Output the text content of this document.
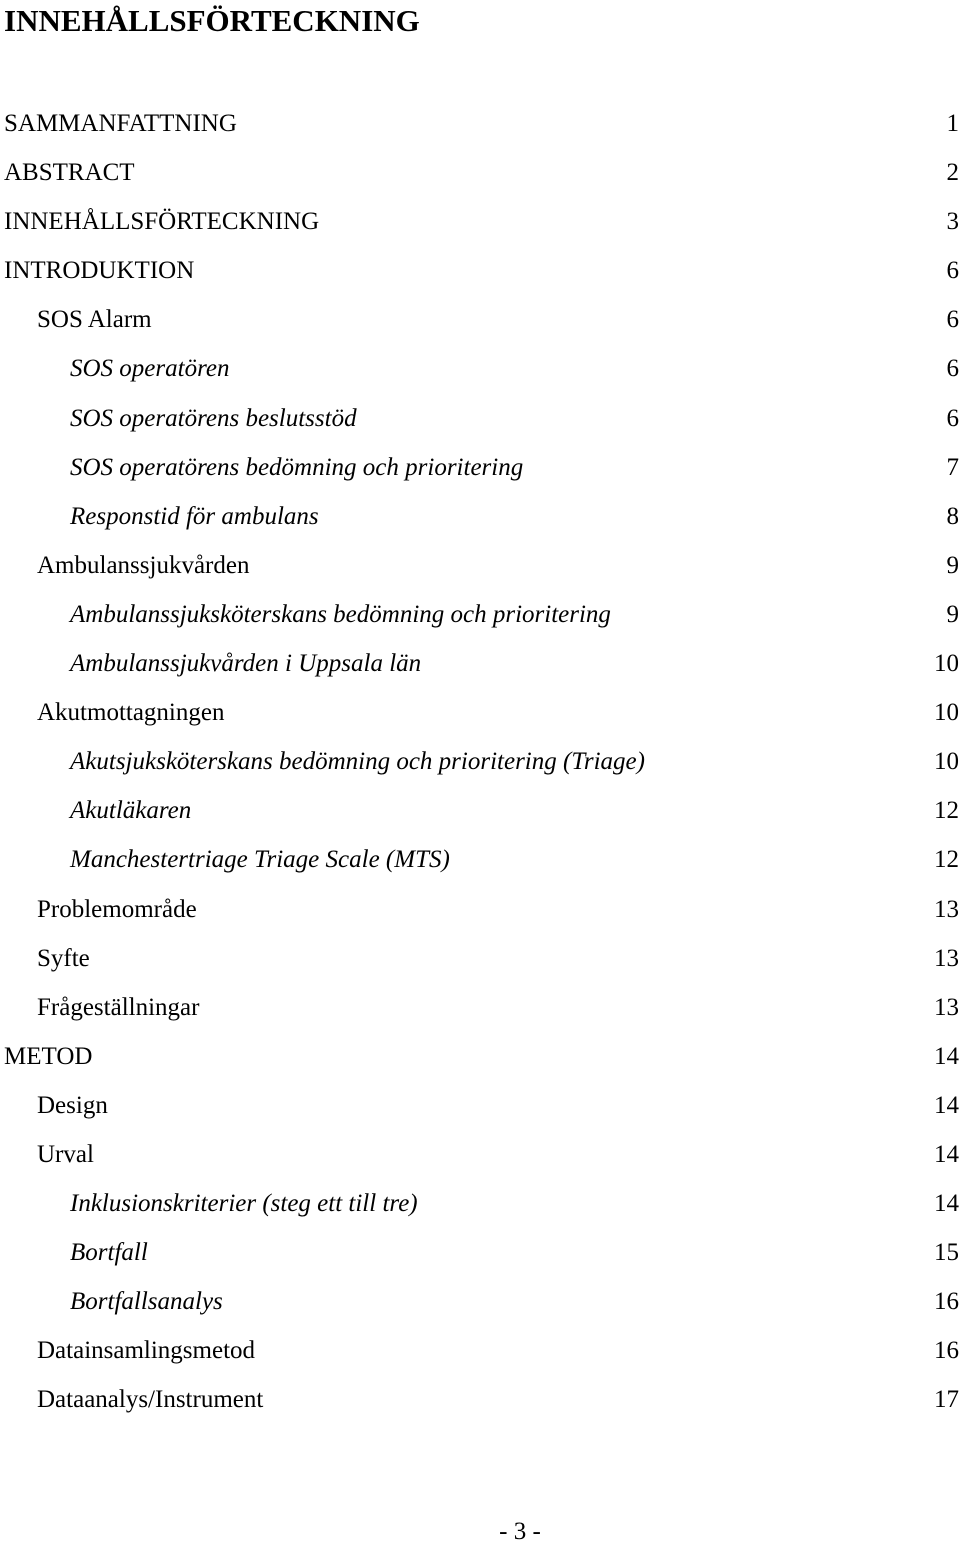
INNEHÅLLSFÖRTECKNING
SAMMANFATTNING	1
ABSTRACT	2
INNEHÅLLSFÖRTECKNING	3
INTRODUKTION	6
SOS Alarm	6
SOS operatören	6
SOS operatörens beslutsstöd	6
SOS operatörens bedömning och prioritering	7
Responstid för ambulans	8
Ambulanssjukvården	9
Ambulanssjuksköterskans bedömning och prioritering	9
Ambulanssjukvården i Uppsala län	10
Akutmottagningen	10
Akutsjuksköterskans bedömning och prioritering (Triage)	10
Akutläkaren	12
Manchestertriage Triage Scale (MTS)	12
Problemområde	13
Syfte	13
Frågeställningar	13
METOD	14
Design	14
Urval	14
Inklusionskriterier (steg ett till tre)	14
Bortfall	15
Bortfallsanalys	16
Datainsamlingsmetod	16
Dataanalys/Instrument	17
- 3 -
